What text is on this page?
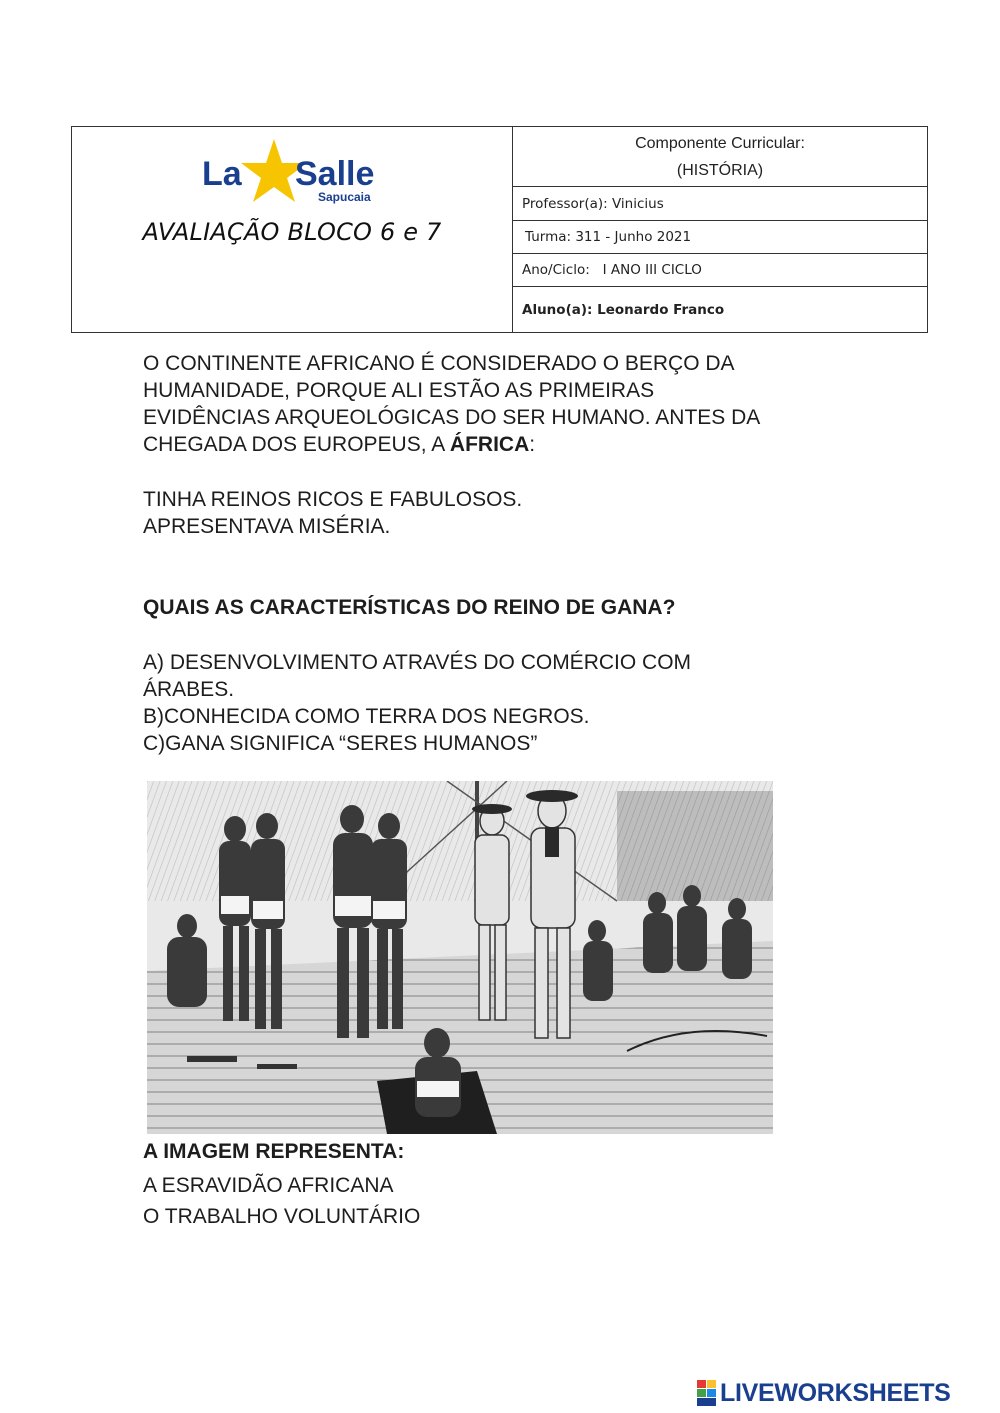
La Salle
Sapucaia
AVALIAÇÃO BLOCO 6 e 7
Componente Curricular:
(HISTÓRIA)
Professor(a): Vinicius
Turma: 311 - Junho 2021
Ano/Ciclo:   I ANO III CICLO
Aluno(a): Leonardo Franco
O CONTINENTE AFRICANO É CONSIDERADO O BERÇO DA
HUMANIDADE, PORQUE ALI ESTÃO AS PRIMEIRAS
EVIDÊNCIAS ARQUEOLÓGICAS DO SER HUMANO. ANTES DA
CHEGADA DOS EUROPEUS, A ÁFRICA:
TINHA REINOS RICOS E FABULOSOS.
APRESENTAVA MISÉRIA.
QUAIS AS CARACTERÍSTICAS DO REINO DE GANA?
A) DESENVOLVIMENTO ATRAVÉS DO COMÉRCIO COM
ÁRABES.
B)CONHECIDA COMO TERRA DOS NEGROS.
C)GANA SIGNIFICA “SERES HUMANOS”
A IMAGEM REPRESENTA:
A ESRAVIDÃO AFRICANA
O TRABALHO VOLUNTÁRIO
LIVEWORKSHEETS
